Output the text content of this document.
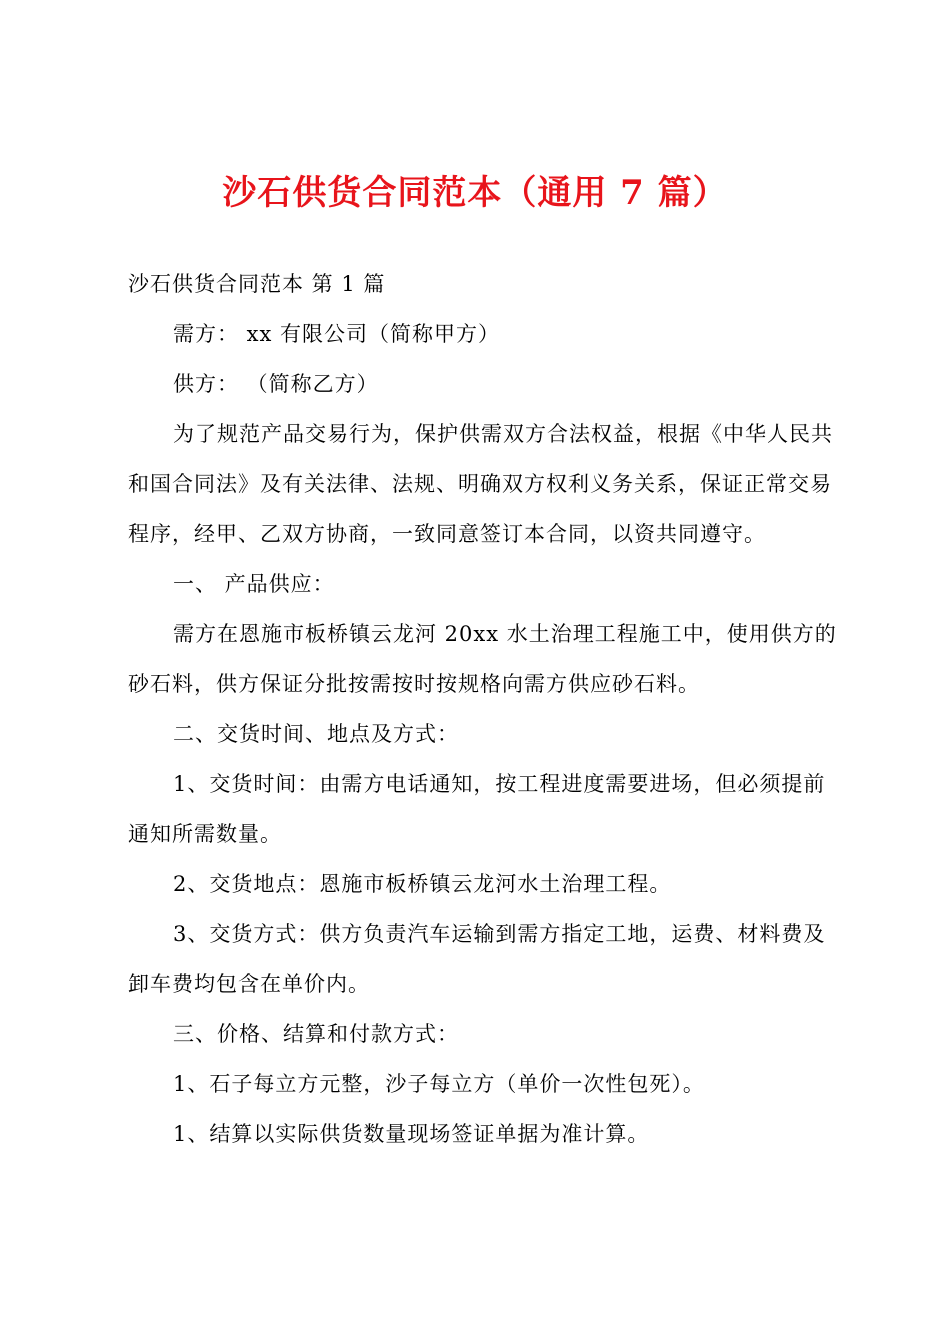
沙石供货合同范本（通用 7 篇）

沙石供货合同范本 第 1 篇

需方： xx 有限公司（简称甲方）

供方： （简称乙方）

为了规范产品交易行为，保护供需双方合法权益，根据《中华人民共和国合同法》及有关法律、法规、明确双方权利义务关系，保证正常交易程序，经甲、乙双方协商，一致同意签订本合同，以资共同遵守。

一、 产品供应：

需方在恩施市板桥镇云龙河 20xx 水土治理工程施工中，使用供方的砂石料，供方保证分批按需按时按规格向需方供应砂石料。

二、交货时间、地点及方式：

1、交货时间：由需方电话通知，按工程进度需要进场，但必须提前通知所需数量。

2、交货地点：恩施市板桥镇云龙河水土治理工程。

3、交货方式：供方负责汽车运输到需方指定工地，运费、材料费及卸车费均包含在单价内。

三、价格、结算和付款方式：

1、石子每立方元整，沙子每立方（单价一次性包死）。

1、结算以实际供货数量现场签证单据为准计算。
